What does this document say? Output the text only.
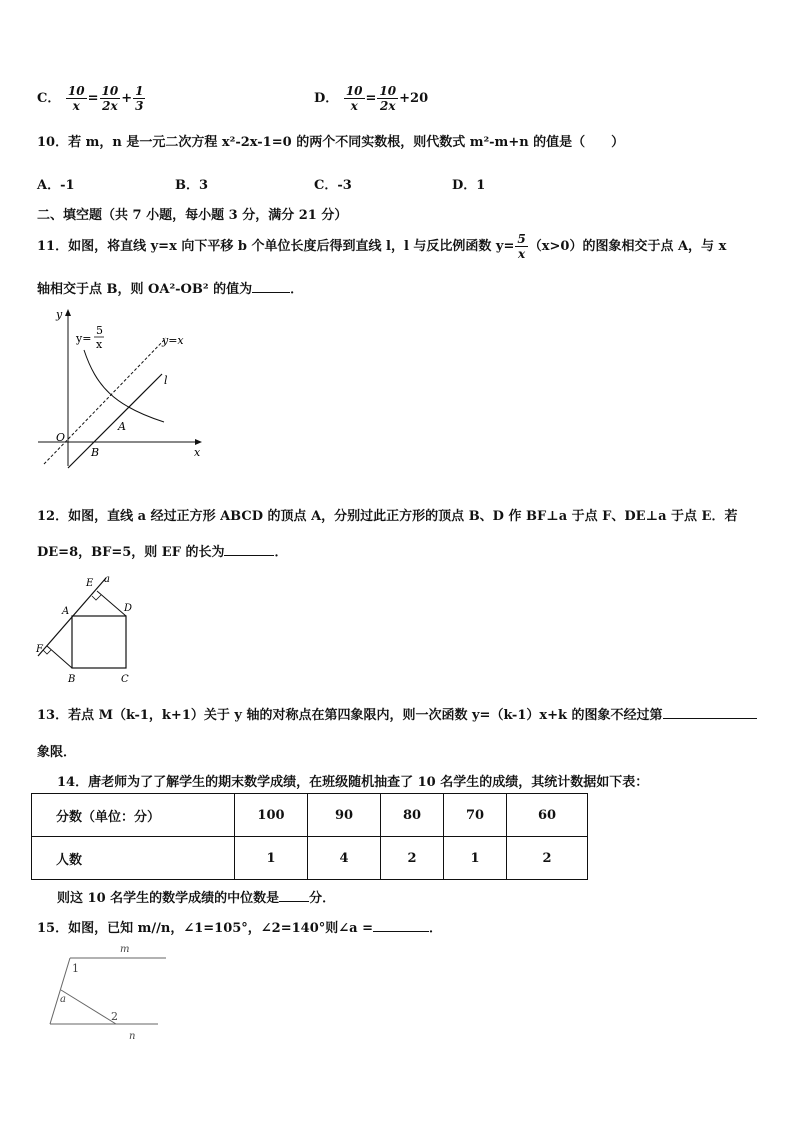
C． $\frac{10}{x} = \frac{10}{2x} + \frac{1}{3}$	D． $\frac{10}{x} = \frac{10}{2x} +20$
10．若 m，n 是一元二次方程 x²-2x-1=0 的两个不同实数根，则代数式 m²-m+n 的值是（　　）
A．-1	B．3	C．-3	D．1
二、填空题（共 7 小题，每小题 3 分，满分 21 分）
11．如图，将直线 y=x 向下平移 b 个单位长度后得到直线 l，l 与反比例函数 $y= \frac{5}{x} (x>0)$的图象相交于点 A，与 x
轴相交于点 B，则 OA²-OB² 的值为	．
y
x
y=
5
x	y=x
l
O
A
B
12．如图，直线 a 经过正方形 ABCD 的顶点 A，分别过此正方形的顶点 B、D 作 BF⊥a 于点 F、DE⊥a 于点 E．若
DE=8，BF=5，则 EF 的长为	．
E a
A	D
F
B	C
13．若点 M（k-1，k+1）关于 y 轴的对称点在第四象限内，则一次函数 y=（k-1）x+k 的图象不经过第
象限．
14．唐老师为了了解学生的期末数学成绩，在班级随机抽查了 10 名学生的成绩，其统计数据如下表：
分数（单位：分）	100	90	80	70	60
人数	1	4	2	1	2
则这 10 名学生的数学成绩的中位数是 分．
15．如图，已知 m//n，∠1=105°，∠2=140°则∠a =	．
m
n
1
2
a
